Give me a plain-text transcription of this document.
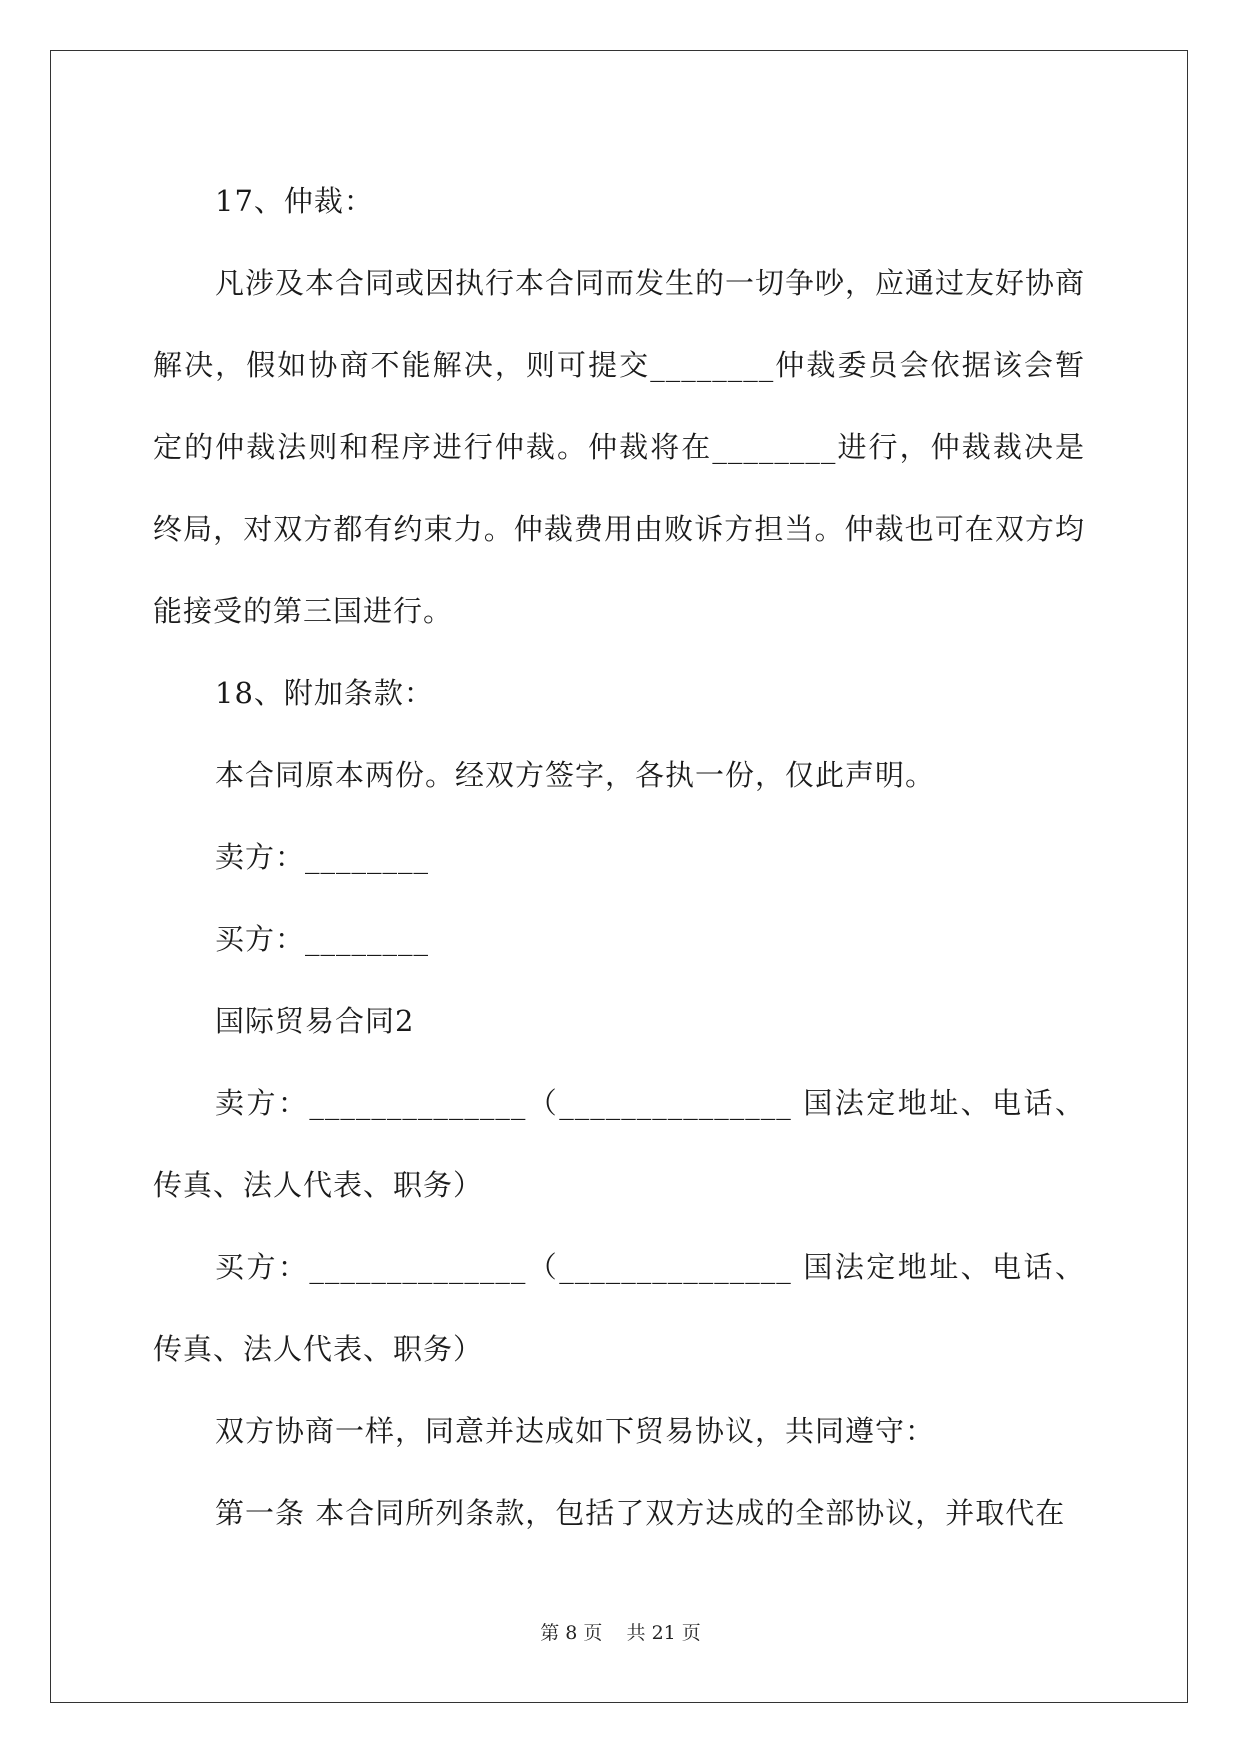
17、仲裁：

凡涉及本合同或因执行本合同而发生的一切争吵，应通过友好协商解决，假如协商不能解决，则可提交________仲裁委员会依据该会暂定的仲裁法则和程序进行仲裁。仲裁将在________进行，仲裁裁决是终局，对双方都有约束力。仲裁费用由败诉方担当。仲裁也可在双方均能接受的第三国进行。

18、附加条款：

本合同原本两份。经双方签字，各执一份，仅此声明。

卖方：________

买方：________

国际贸易合同2

卖方：______________（_______________ 国法定地址、电话、传真、法人代表、职务）

买方：______________（_______________ 国法定地址、电话、传真、法人代表、职务）

双方协商一样，同意并达成如下贸易协议，共同遵守：

第一条 本合同所列条款，包括了双方达成的全部协议，并取代在

第 8 页 共 21 页
